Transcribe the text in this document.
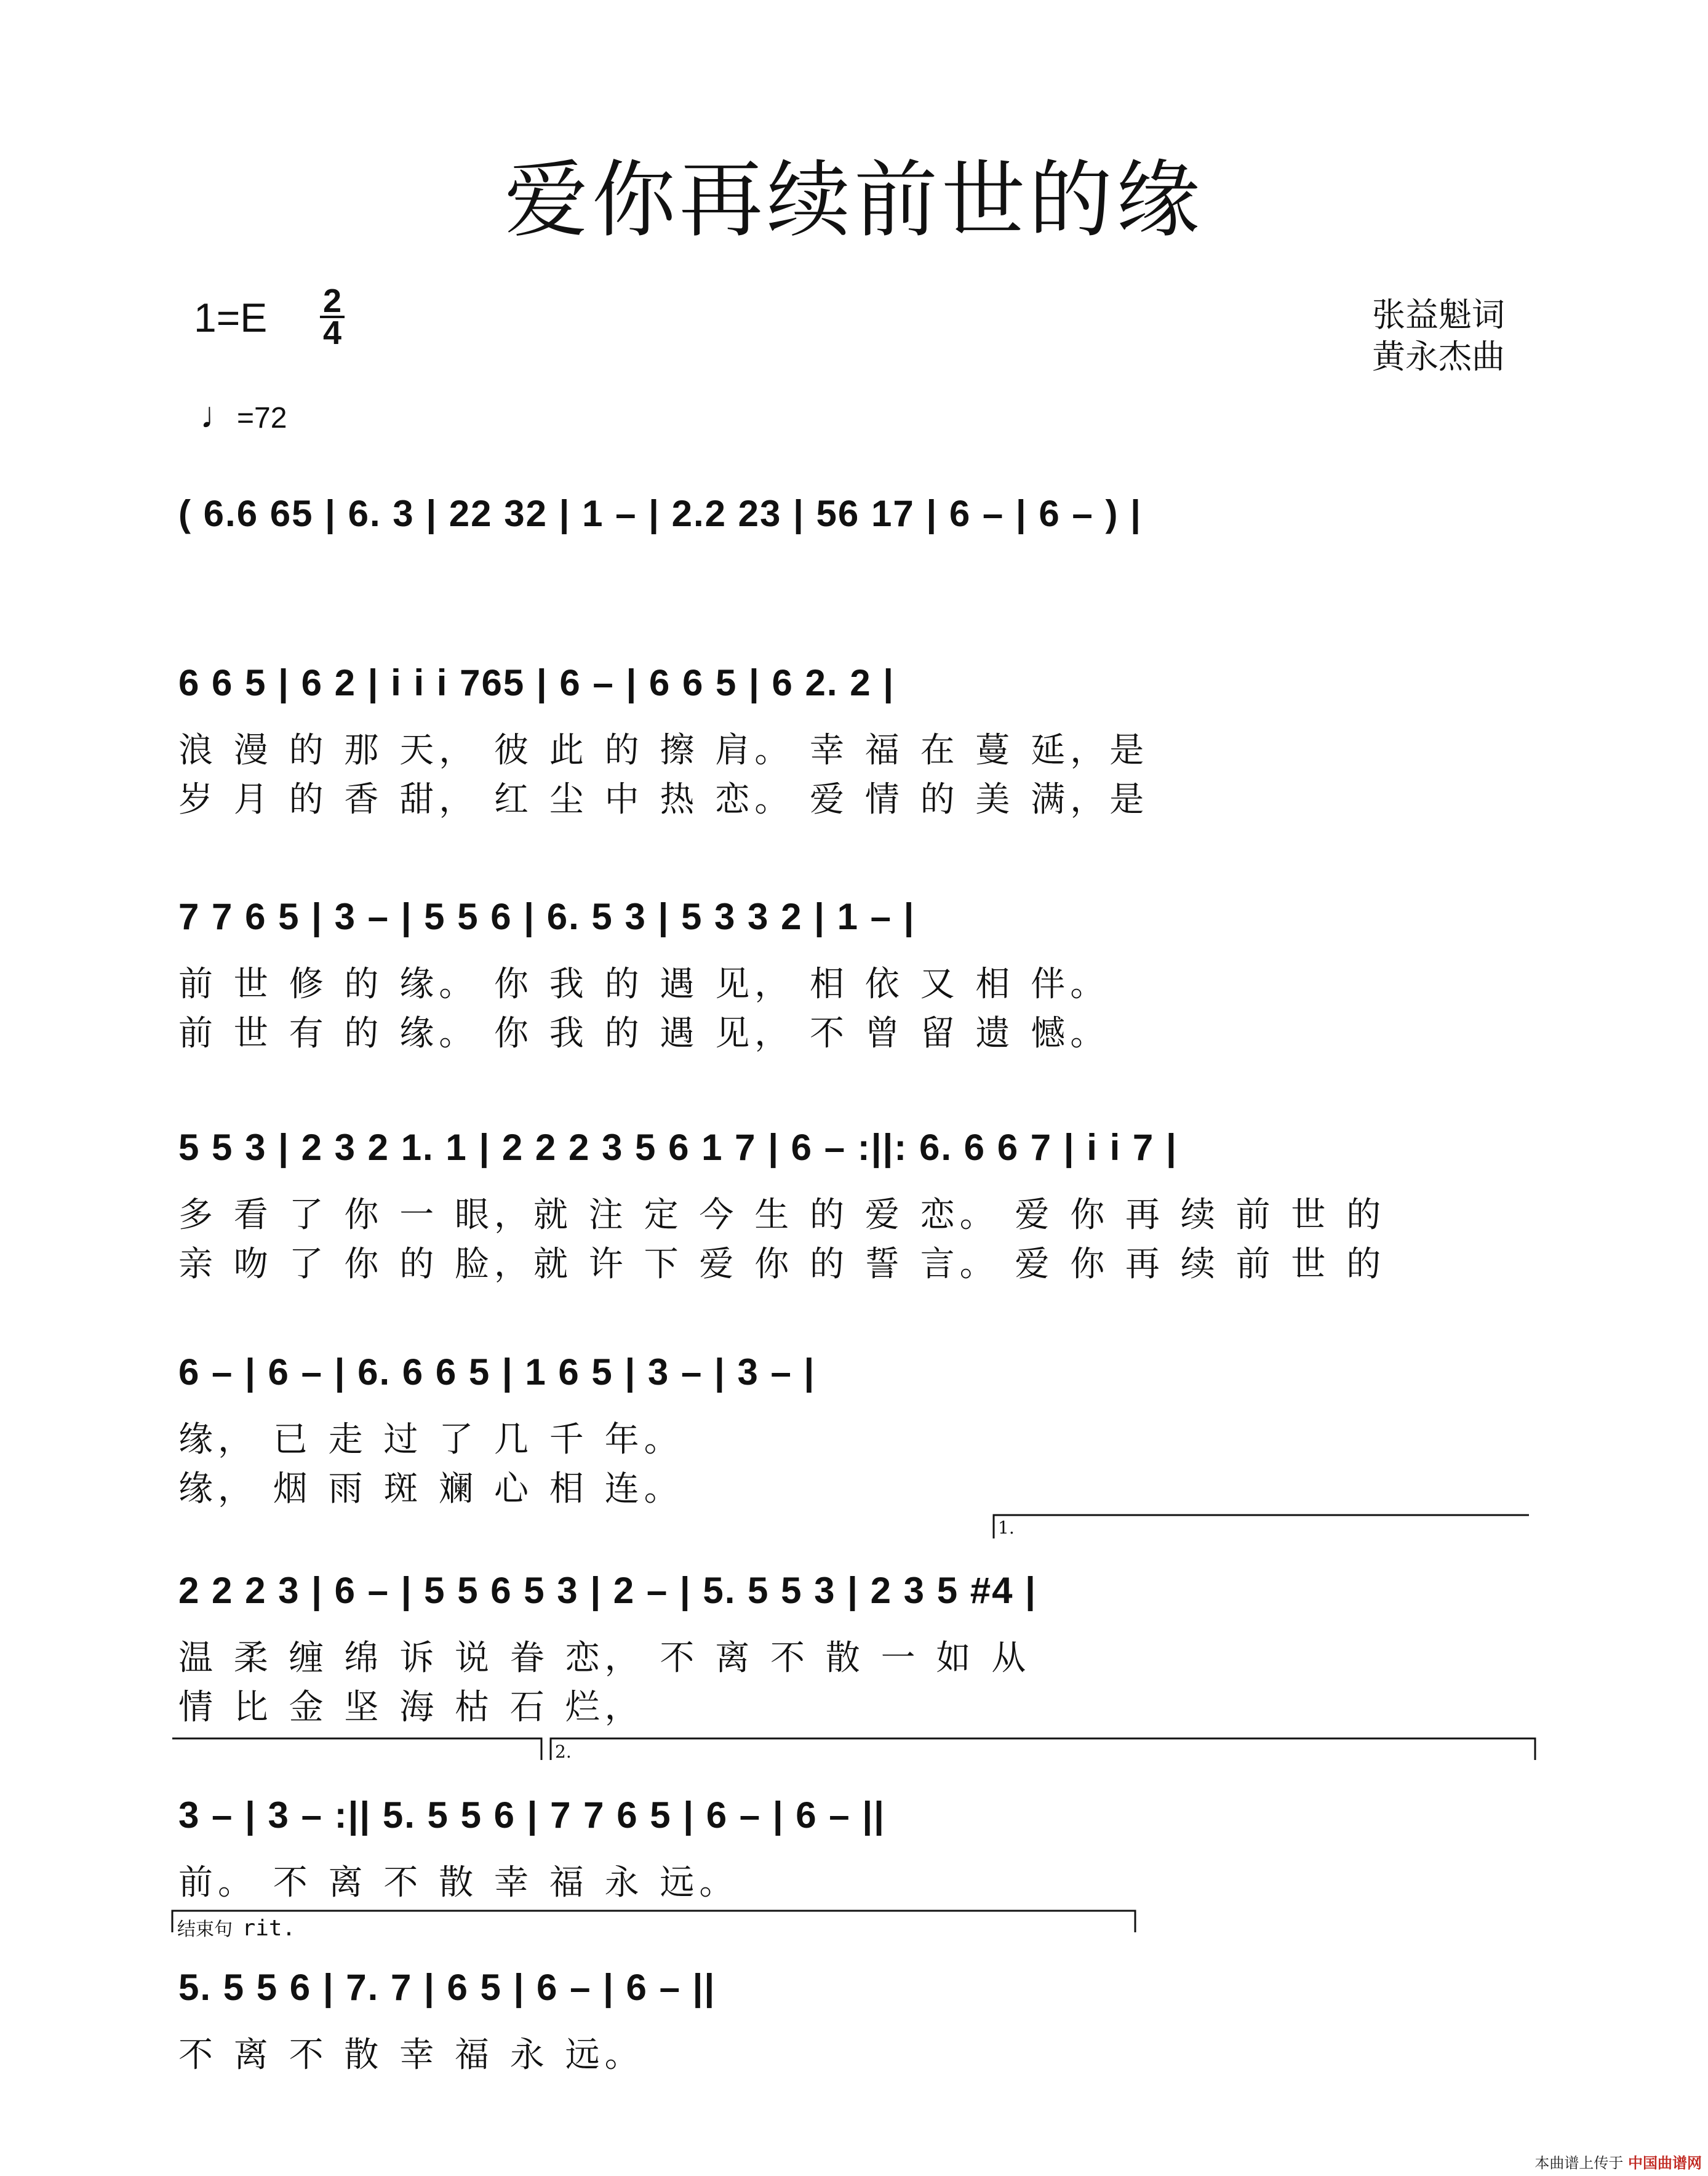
爱你再续前世的缘
1=E 2
4
♩=72
张益魁词
黄永杰曲
( 6.6 65 | 6. 3 | 22 32 | 1 – | 2.2 23 | 56 17 | 6 – | 6 – ) |
6 6 5 | 6 2 | i i i 765 | 6 – | 6 6 5 | 6 2. 2 |
浪 漫 的 那 天， 彼 此 的 擦 肩。 幸 福 在 蔓 延，是
岁 月 的 香 甜， 红 尘 中 热 恋。 爱 情 的 美 满，是
7 7 6 5 | 3 – | 5 5 6 | 6. 5 3 | 5 3 3 2 | 1 – |
前 世 修 的 缘。 你 我 的 遇 见， 相 依 又 相 伴。
前 世 有 的 缘。 你 我 的 遇 见， 不 曾 留 遗 憾。
5 5 3 | 2 3 2 1. 1 | 2 2 2 3 5 6 1 7 | 6 – :||: 6. 6 6 7 | i i 7 |
多 看 了 你 一 眼，就 注 定 今 生 的 爱 恋。 爱 你 再 续 前 世 的
亲 吻 了 你 的 脸，就 许 下 爱 你 的 誓 言。 爱 你 再 续 前 世 的
6 – | 6 – | 6. 6 6 5 | 1 6 5 | 3 – | 3 – |
缘， 已 走 过 了 几 千 年。
缘， 烟 雨 斑 斓 心 相 连。
1.
2.
2 2 2 3 | 6 – | 5 5 6 5 3 | 2 – | 5. 5 5 3 | 2 3 5 #4 |
温 柔 缠 绵 诉 说 眷 恋， 不 离 不 散 一 如 从
情 比 金 坚 海 枯 石 烂，
3 – | 3 – :|| 5. 5 5 6 | 7 7 6 5 | 6 – | 6 – ||
前。 不 离 不 散 幸 福 永 远。
结束句 rit.
5. 5 5 6 | 7. 7 | 6 5 | 6 – | 6 – ||
不 离 不 散 幸 福 永 远。
本曲谱上传于 中国曲谱网
